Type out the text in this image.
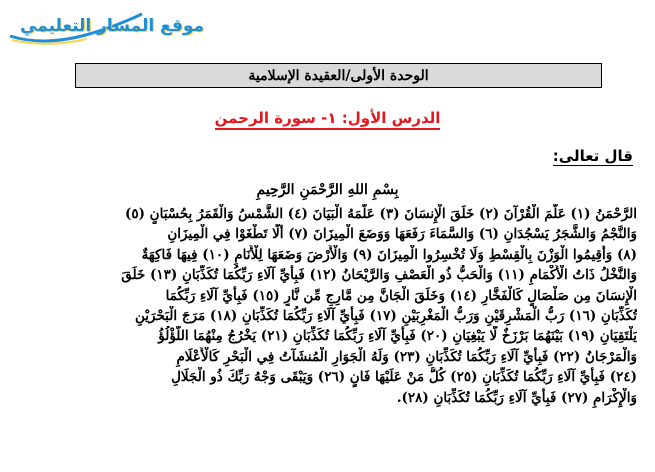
موقع المسار التعليمي
الوحدة الأولى/العقيدة الإسلامية
الدرس الأول: ١- سورة الرحمن
قال تعالى:
بِسْمِ اللهِ الرَّحْمَنِ الرَّحِيمِ
الرَّحْمَنُ (١) عَلَّمَ الْقُرْآنَ (٢) خَلَقَ الْإِنسَانَ (٣) عَلَّمَهُ الْبَيَانَ (٤) الشَّمْسُ وَالْقَمَرُ بِحُسْبَانٍ (٥)
وَالنَّجْمُ وَالشَّجَرُ يَسْجُدَانِ (٦) وَالسَّمَاءَ رَفَعَهَا وَوَضَعَ الْمِيزَانَ (٧) أَلَّا تَطْغَوْا فِي الْمِيزَانِ
(٨) وَأَقِيمُوا الْوَزْنَ بِالْقِسْطِ وَلَا تُخْسِرُوا الْمِيزَانَ (٩) وَالْأَرْضَ وَضَعَهَا لِلْأَنَامِ (١٠) فِيهَا فَاكِهَةٌ
وَالنَّخْلُ ذَاتُ الْأَكْمَامِ (١١) وَالْحَبُّ ذُو الْعَصْفِ وَالرَّيْحَانُ (١٢) فَبِأَيِّ آلَاءِ رَبِّكُمَا تُكَذِّبَانِ (١٣) خَلَقَ
الْإِنسَانَ مِن صَلْصَالٍ كَالْفَخَّارِ (١٤) وَخَلَقَ الْجَانَّ مِن مَّارِجٍ مِّن نَّارٍ (١٥) فَبِأَيِّ آلَاءِ رَبِّكُمَا
تُكَذِّبَانِ (١٦) رَبُّ الْمَشْرِقَيْنِ وَرَبُّ الْمَغْرِبَيْنِ (١٧) فَبِأَيِّ آلَاءِ رَبِّكُمَا تُكَذِّبَانِ (١٨) مَرَجَ الْبَحْرَيْنِ
يَلْتَقِيَانِ (١٩) بَيْنَهُمَا بَرْزَخٌ لَّا يَبْغِيَانِ (٢٠) فَبِأَيِّ آلَاءِ رَبِّكُمَا تُكَذِّبَانِ (٢١) يَخْرُجُ مِنْهُمَا اللُّؤْلُؤُ
وَالْمَرْجَانُ (٢٢) فَبِأَيِّ آلَاءِ رَبِّكُمَا تُكَذِّبَانِ (٢٣) وَلَهُ الْجَوَارِ الْمُنشَآتُ فِي الْبَحْرِ كَالْأَعْلَامِ
(٢٤) فَبِأَيِّ آلَاءِ رَبِّكُمَا تُكَذِّبَانِ (٢٥) كُلُّ مَنْ عَلَيْهَا فَانٍ (٢٦) وَيَبْقَى وَجْهُ رَبِّكَ ذُو الْجَلَالِ
وَالْإِكْرَامِ (٢٧) فَبِأَيِّ آلَاءِ رَبِّكُمَا تُكَذِّبَانِ (٢٨).
